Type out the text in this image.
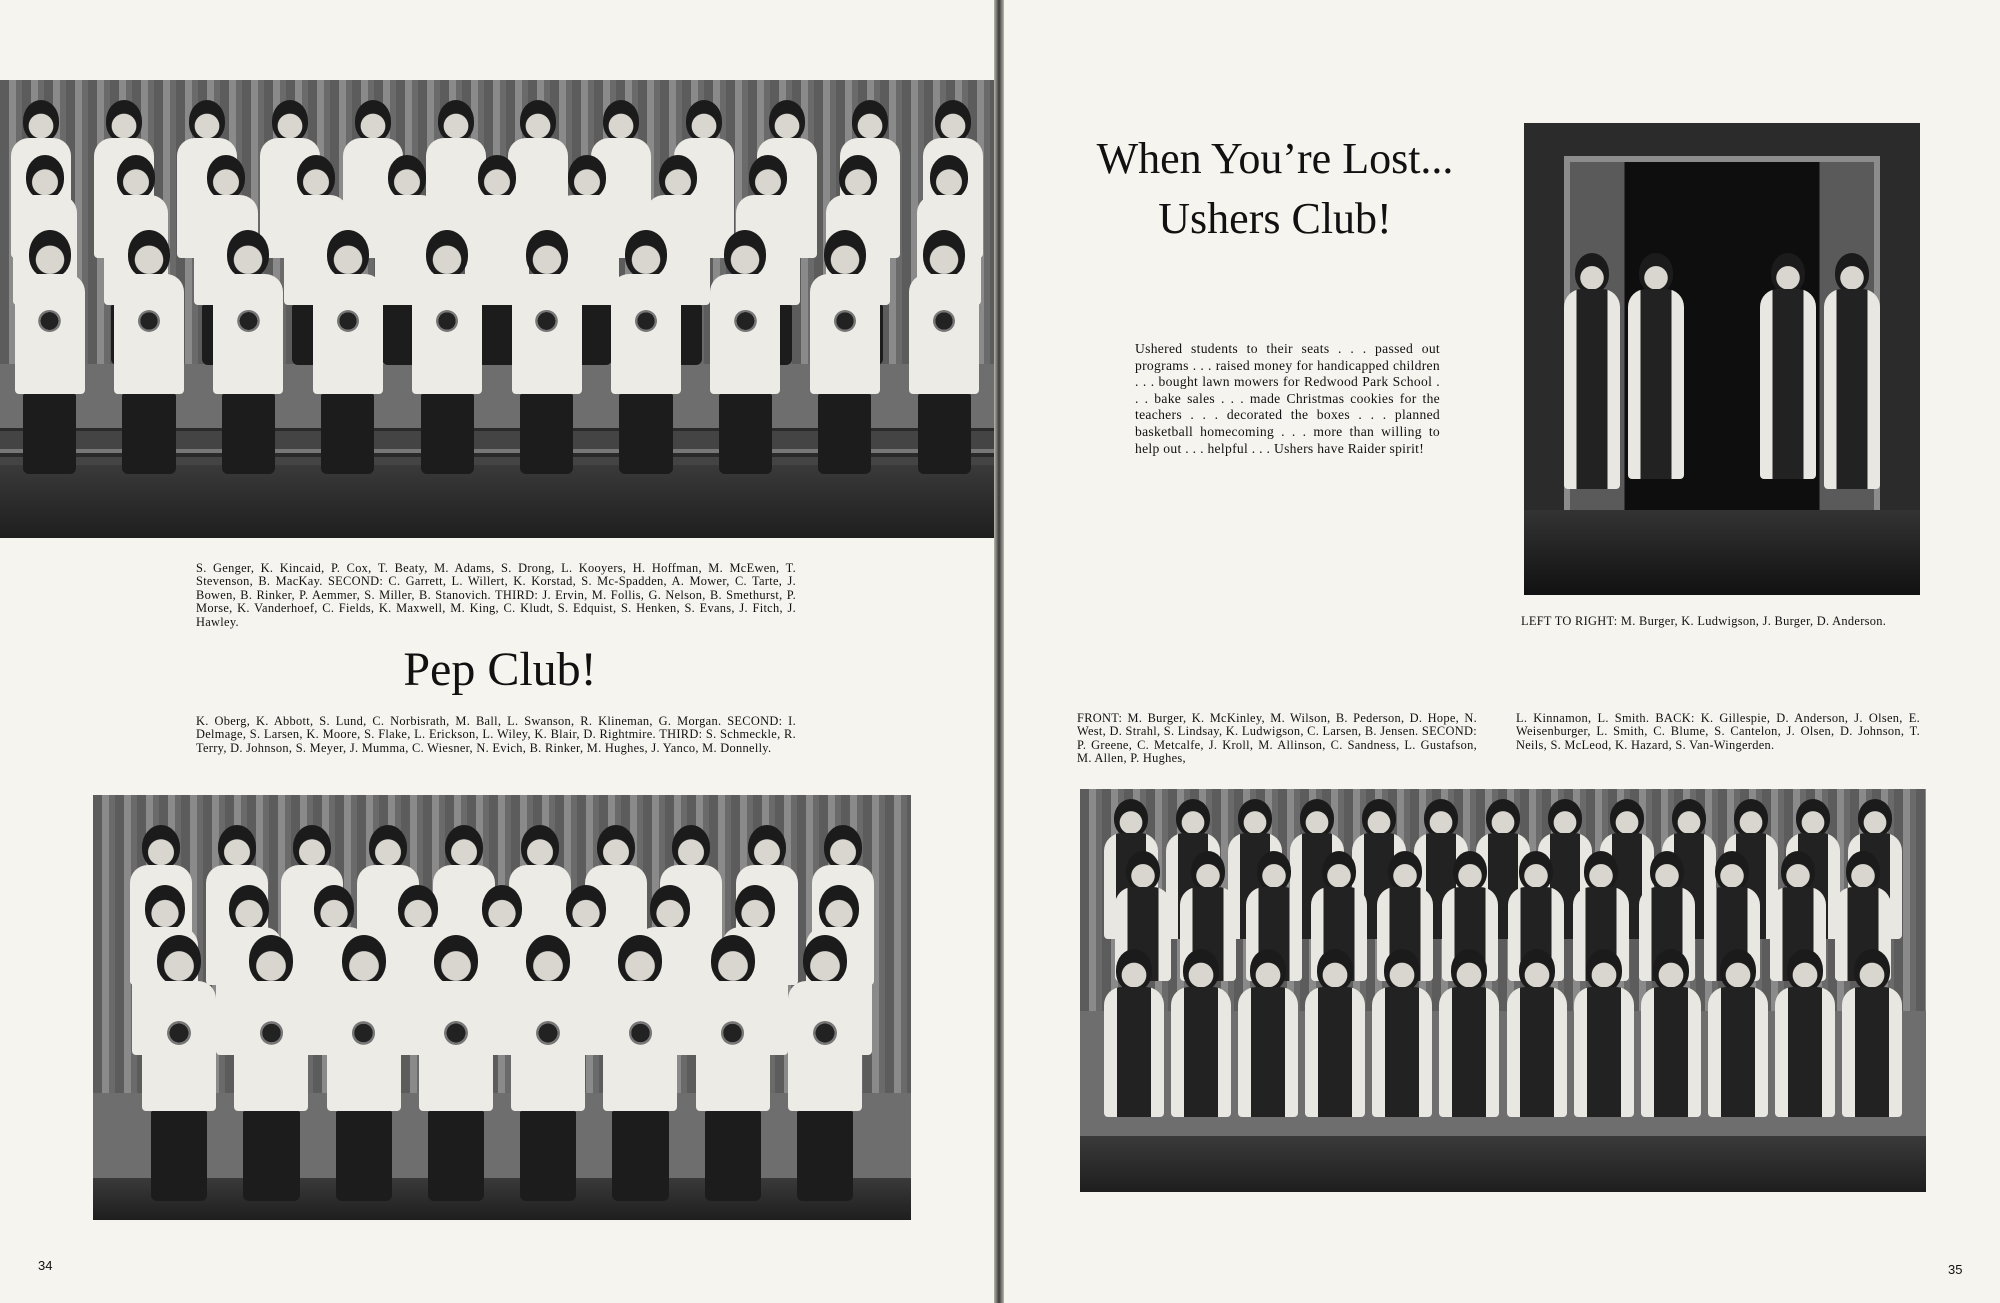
S. Genger, K. Kincaid, P. Cox, T. Beaty, M. Adams, S. Drong, L. Kooyers, H. Hoffman, M. McEwen, T. Stevenson, B. MacKay. SECOND: C. Garrett, L. Willert, K. Korstad, S. Mc-Spadden, A. Mower, C. Tarte, J. Bowen, B. Rinker, P. Aemmer, S. Miller, B. Stanovich. THIRD: J. Ervin, M. Follis, G. Nelson, B. Smethurst, P. Morse, K. Vanderhoef, C. Fields, K. Maxwell, M. King, C. Kludt, S. Edquist, S. Henken, S. Evans, J. Fitch, J. Hawley.

Pep Club!

K. Oberg, K. Abbott, S. Lund, C. Norbisrath, M. Ball, L. Swanson, R. Klineman, G. Morgan. SECOND: I. Delmage, S. Larsen, K. Moore, S. Flake, L. Erickson, L. Wiley, K. Blair, D. Rightmire. THIRD: S. Schmeckle, R. Terry, D. Johnson, S. Meyer, J. Mumma, C. Wiesner, N. Evich, B. Rinker, M. Hughes, J. Yanco, M. Donnelly.

34
When You’re Lost...
Ushers Club!

Ushered students to their seats . . . passed out programs . . . raised money for handicapped children . . . bought lawn mowers for Redwood Park School . . . bake sales . . . made Christmas cookies for the teachers . . . decorated the boxes . . . planned basketball homecoming . . . more than willing to help out . . . helpful . . . Ushers have Raider spirit!

LEFT TO RIGHT: M. Burger, K. Ludwigson, J. Burger, D. Anderson.

FRONT: M. Burger, K. McKinley, M. Wilson, B. Pederson, D. Hope, N. West, D. Strahl, S. Lindsay, K. Ludwigson, C. Larsen, B. Jensen. SECOND: P. Greene, C. Metcalfe, J. Kroll, M. Allinson, C. Sandness, L. Gustafson, M. Allen, P. Hughes,

L. Kinnamon, L. Smith. BACK: K. Gillespie, D. Anderson, J. Olsen, E. Weisenburger, L. Smith, C. Blume, S. Cantelon, J. Olsen, D. Johnson, T. Neils, S. McLeod, K. Hazard, S. Van-Wingerden.

35
